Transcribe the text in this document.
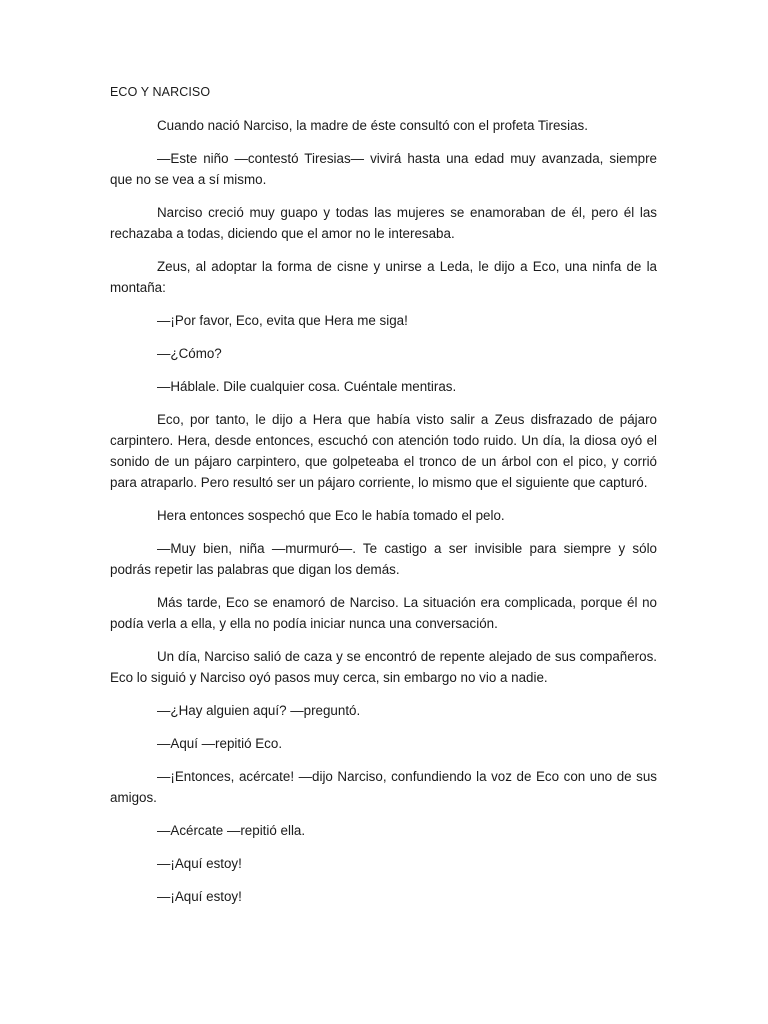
ECO Y NARCISO

Cuando nació Narciso, la madre de éste consultó con el profeta Tiresias.

—Este niño —contestó Tiresias— vivirá hasta una edad muy avanzada, siempre que no se vea a sí mismo.

Narciso creció muy guapo y todas las mujeres se enamoraban de él, pero él las rechazaba a todas, diciendo que el amor no le interesaba.

Zeus, al adoptar la forma de cisne y unirse a Leda, le dijo a Eco, una ninfa de la montaña:

—¡Por favor, Eco, evita que Hera me siga!

—¿Cómo?

—Háblale. Dile cualquier cosa. Cuéntale mentiras.

Eco, por tanto, le dijo a Hera que había visto salir a Zeus disfrazado de pájaro carpintero. Hera, desde entonces, escuchó con atención todo ruido. Un día, la diosa oyó el sonido de un pájaro carpintero, que golpeteaba el tronco de un árbol con el pico, y corrió para atraparlo. Pero resultó ser un pájaro corriente, lo mismo que el siguiente que capturó.

Hera entonces sospechó que Eco le había tomado el pelo.

—Muy bien, niña —murmuró—. Te castigo a ser invisible para siempre y sólo podrás repetir las palabras que digan los demás.

Más tarde, Eco se enamoró de Narciso. La situación era complicada, porque él no podía verla a ella, y ella no podía iniciar nunca una conversación.

Un día, Narciso salió de caza y se encontró de repente alejado de sus compañeros. Eco lo siguió y Narciso oyó pasos muy cerca, sin embargo no vio a nadie.

—¿Hay alguien aquí? —preguntó.

—Aquí —repitió Eco.

—¡Entonces, acércate! —dijo Narciso, confundiendo la voz de Eco con uno de sus amigos.

—Acércate —repitió ella.

—¡Aquí estoy!

—¡Aquí estoy!
